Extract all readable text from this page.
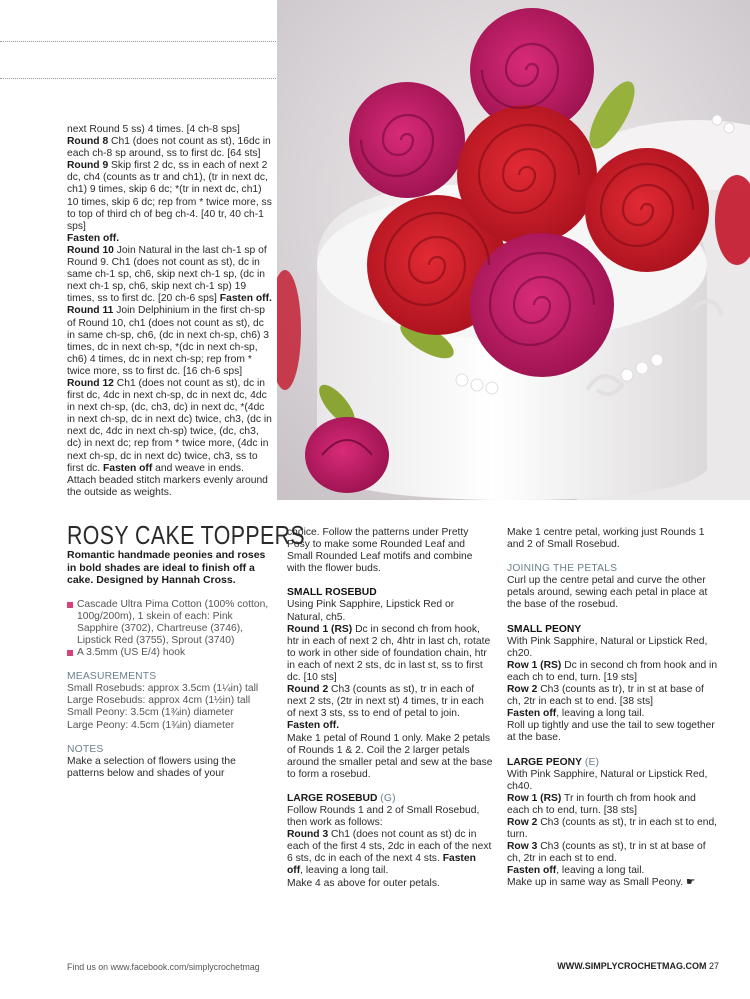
next Round 5 ss) 4 times. [4 ch-8 sps]

Round 8 Ch1 (does not count as st), 16dc in each ch-8 sp around, ss to first dc. [64 sts]

Round 9 Skip first 2 dc, ss in each of next 2 dc, ch4 (counts as tr and ch1), (tr in next dc, ch1) 9 times, skip 6 dc; *(tr in next dc, ch1) 10 times, skip 6 dc; rep from * twice more, ss to top of third ch of beg ch-4. [40 tr, 40 ch-1 sps]

Fasten off.

Round 10 Join Natural in the last ch-1 sp of Round 9. Ch1 (does not count as st), dc in same ch-1 sp, ch6, skip next ch-1 sp, (dc in next ch-1 sp, ch6, skip next ch-1 sp) 19 times, ss to first dc. [20 ch-6 sps] Fasten off.

Round 11 Join Delphinium in the first ch-sp of Round 10, ch1 (does not count as st), dc in same ch-sp, ch6, (dc in next ch-sp, ch6) 3 times, dc in next ch-sp, *(dc in next ch-sp, ch6) 4 times, dc in next ch-sp; rep from * twice more, ss to first dc. [16 ch-6 sps]

Round 12 Ch1 (does not count as st), dc in first dc, 4dc in next ch-sp, dc in next dc, 4dc in next ch-sp, (dc, ch3, dc) in next dc, *(4dc in next ch-sp, dc in next dc) twice, ch3, (dc in next dc, 4dc in next ch-sp) twice, (dc, ch3, dc) in next dc; rep from * twice more, (4dc in next ch-sp, dc in next dc) twice, ch3, ss to first dc. Fasten off and weave in ends. Attach beaded stitch markers evenly around the outside as weights.

ROSY CAKE TOPPERS

Romantic handmade peonies and roses in bold shades are ideal to finish off a cake. Designed by Hannah Cross.

Cascade Ultra Pima Cotton (100% cotton, 100g/200m), 1 skein of each: Pink Sapphire (3702), Chartreuse (3746), Lipstick Red (3755), Sprout (3740)
A 3.5mm (US E/4) hook

MEASUREMENTS

Small Rosebuds: approx 3.5cm (1¼in) tall

Large Rosebuds: approx 4cm (1½in) tall

Small Peony: 3.5cm (1¾in) diameter

Large Peony: 4.5cm (1¾in) diameter

NOTES

Make a selection of flowers using the patterns below and shades of your

choice. Follow the patterns under Pretty Posy to make some Rounded Leaf and Small Rounded Leaf motifs and combine with the flower buds.

SMALL ROSEBUD

Using Pink Sapphire, Lipstick Red or Natural, ch5.

Round 1 (RS) Dc in second ch from hook, htr in each of next 2 ch, 4htr in last ch, rotate to work in other side of foundation chain, htr in each of next 2 sts, dc in last st, ss to first dc. [10 sts]

Round 2 Ch3 (counts as st), tr in each of next 2 sts, (2tr in next st) 4 times, tr in each of next 3 sts, ss to end of petal to join. Fasten off.

Make 1 petal of Round 1 only. Make 2 petals of Rounds 1 & 2. Coil the 2 larger petals around the smaller petal and sew at the base to form a rosebud.

LARGE ROSEBUD (G)

Follow Rounds 1 and 2 of Small Rosebud, then work as follows:

Round 3 Ch1 (does not count as st) dc in each of the first 4 sts, 2dc in each of the next 6 sts, dc in each of the next 4 sts. Fasten off, leaving a long tail.

Make 4 as above for outer petals.

Make 1 centre petal, working just Rounds 1 and 2 of Small Rosebud.

JOINING THE PETALS

Curl up the centre petal and curve the other petals around, sewing each petal in place at the base of the rosebud.

SMALL PEONY

With Pink Sapphire, Natural or Lipstick Red, ch20.

Row 1 (RS) Dc in second ch from hook and in each ch to end, turn. [19 sts]

Row 2 Ch3 (counts as tr), tr in st at base of ch, 2tr in each st to end. [38 sts]

Fasten off, leaving a long tail.

Roll up tightly and use the tail to sew together at the base.

LARGE PEONY (E)

With Pink Sapphire, Natural or Lipstick Red, ch40.

Row 1 (RS) Tr in fourth ch from hook and each ch to end, turn. [38 sts]

Row 2 Ch3 (counts as st), tr in each st to end, turn.

Row 3 Ch3 (counts as st), tr in st at base of ch, 2tr in each st to end.

Fasten off, leaving a long tail.

Make up in same way as Small Peony. ☛

Find us on www.facebook.com/simplycrochetmag	WWW.SIMPLYCROCHETMAG.COM 27
